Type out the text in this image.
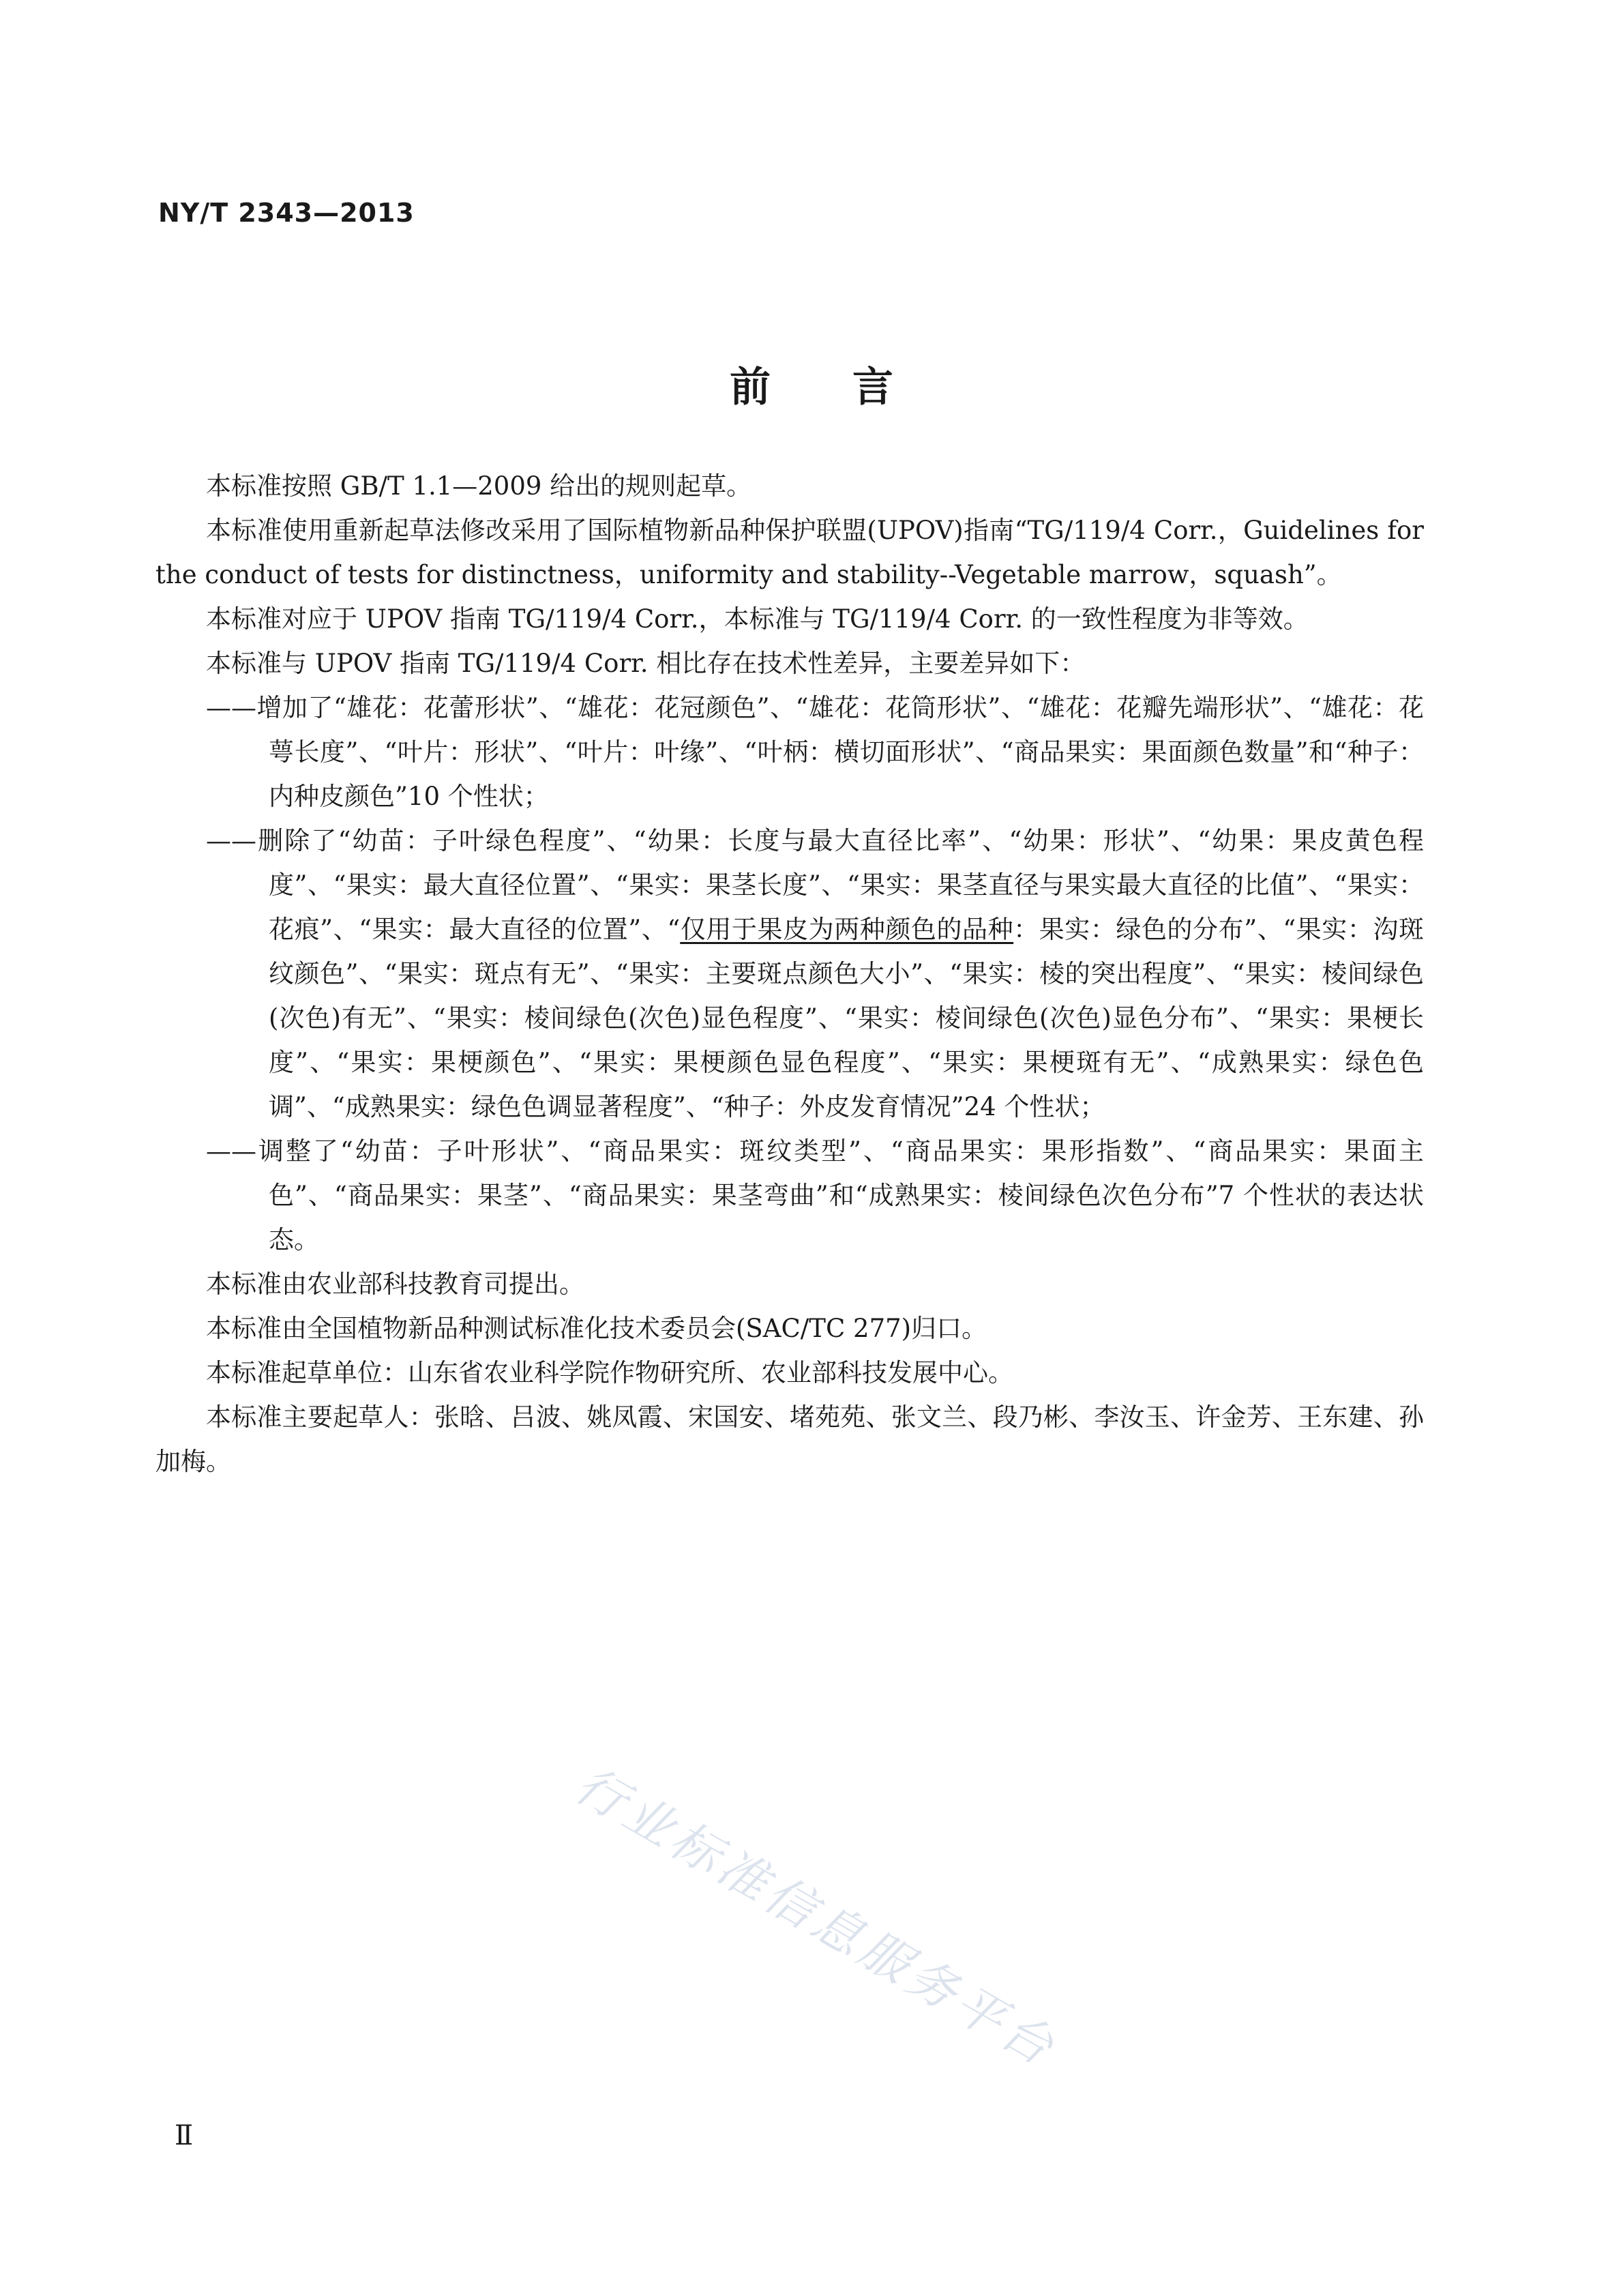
NY/T 2343—2013
前言

本标准按照 GB/T 1.1—2009 给出的规则起草。

本标准使用重新起草法修改采用了国际植物新品种保护联盟(UPOV)指南“TG/119/4 Corr.，Guidelines for the conduct of tests for distinctness，uniformity and stability--Vegetable marrow，squash”。

本标准对应于 UPOV 指南 TG/119/4 Corr.，本标准与 TG/119/4 Corr. 的一致性程度为非等效。

本标准与 UPOV 指南 TG/119/4 Corr. 相比存在技术性差异，主要差异如下：

——增加了“雄花：花蕾形状”、“雄花：花冠颜色”、“雄花：花筒形状”、“雄花：花瓣先端形状”、“雄花：花萼长度”、“叶片：形状”、“叶片：叶缘”、“叶柄：横切面形状”、“商品果实：果面颜色数量”和“种子：内种皮颜色”10 个性状；

——删除了“幼苗：子叶绿色程度”、“幼果：长度与最大直径比率”、“幼果：形状”、“幼果：果皮黄色程度”、“果实：最大直径位置”、“果实：果茎长度”、“果实：果茎直径与果实最大直径的比值”、“果实：花痕”、“果实：最大直径的位置”、“仅用于果皮为两种颜色的品种：果实：绿色的分布”、“果实：沟斑纹颜色”、“果实：斑点有无”、“果实：主要斑点颜色大小”、“果实：棱的突出程度”、“果实：棱间绿色(次色)有无”、“果实：棱间绿色(次色)显色程度”、“果实：棱间绿色(次色)显色分布”、“果实：果梗长度”、“果实：果梗颜色”、“果实：果梗颜色显色程度”、“果实：果梗斑有无”、“成熟果实：绿色色调”、“成熟果实：绿色色调显著程度”、“种子：外皮发育情况”24 个性状；

——调整了“幼苗：子叶形状”、“商品果实：斑纹类型”、“商品果实：果形指数”、“商品果实：果面主色”、“商品果实：果茎”、“商品果实：果茎弯曲”和“成熟果实：棱间绿色次色分布”7 个性状的表达状态。

本标准由农业部科技教育司提出。

本标准由全国植物新品种测试标准化技术委员会(SAC/TC 277)归口。

本标准起草单位：山东省农业科学院作物研究所、农业部科技发展中心。

本标准主要起草人：张晗、吕波、姚凤霞、宋国安、堵苑苑、张文兰、段乃彬、李汝玉、许金芳、王东建、孙加梅。

行业标准信息服务平台
Ⅱ
